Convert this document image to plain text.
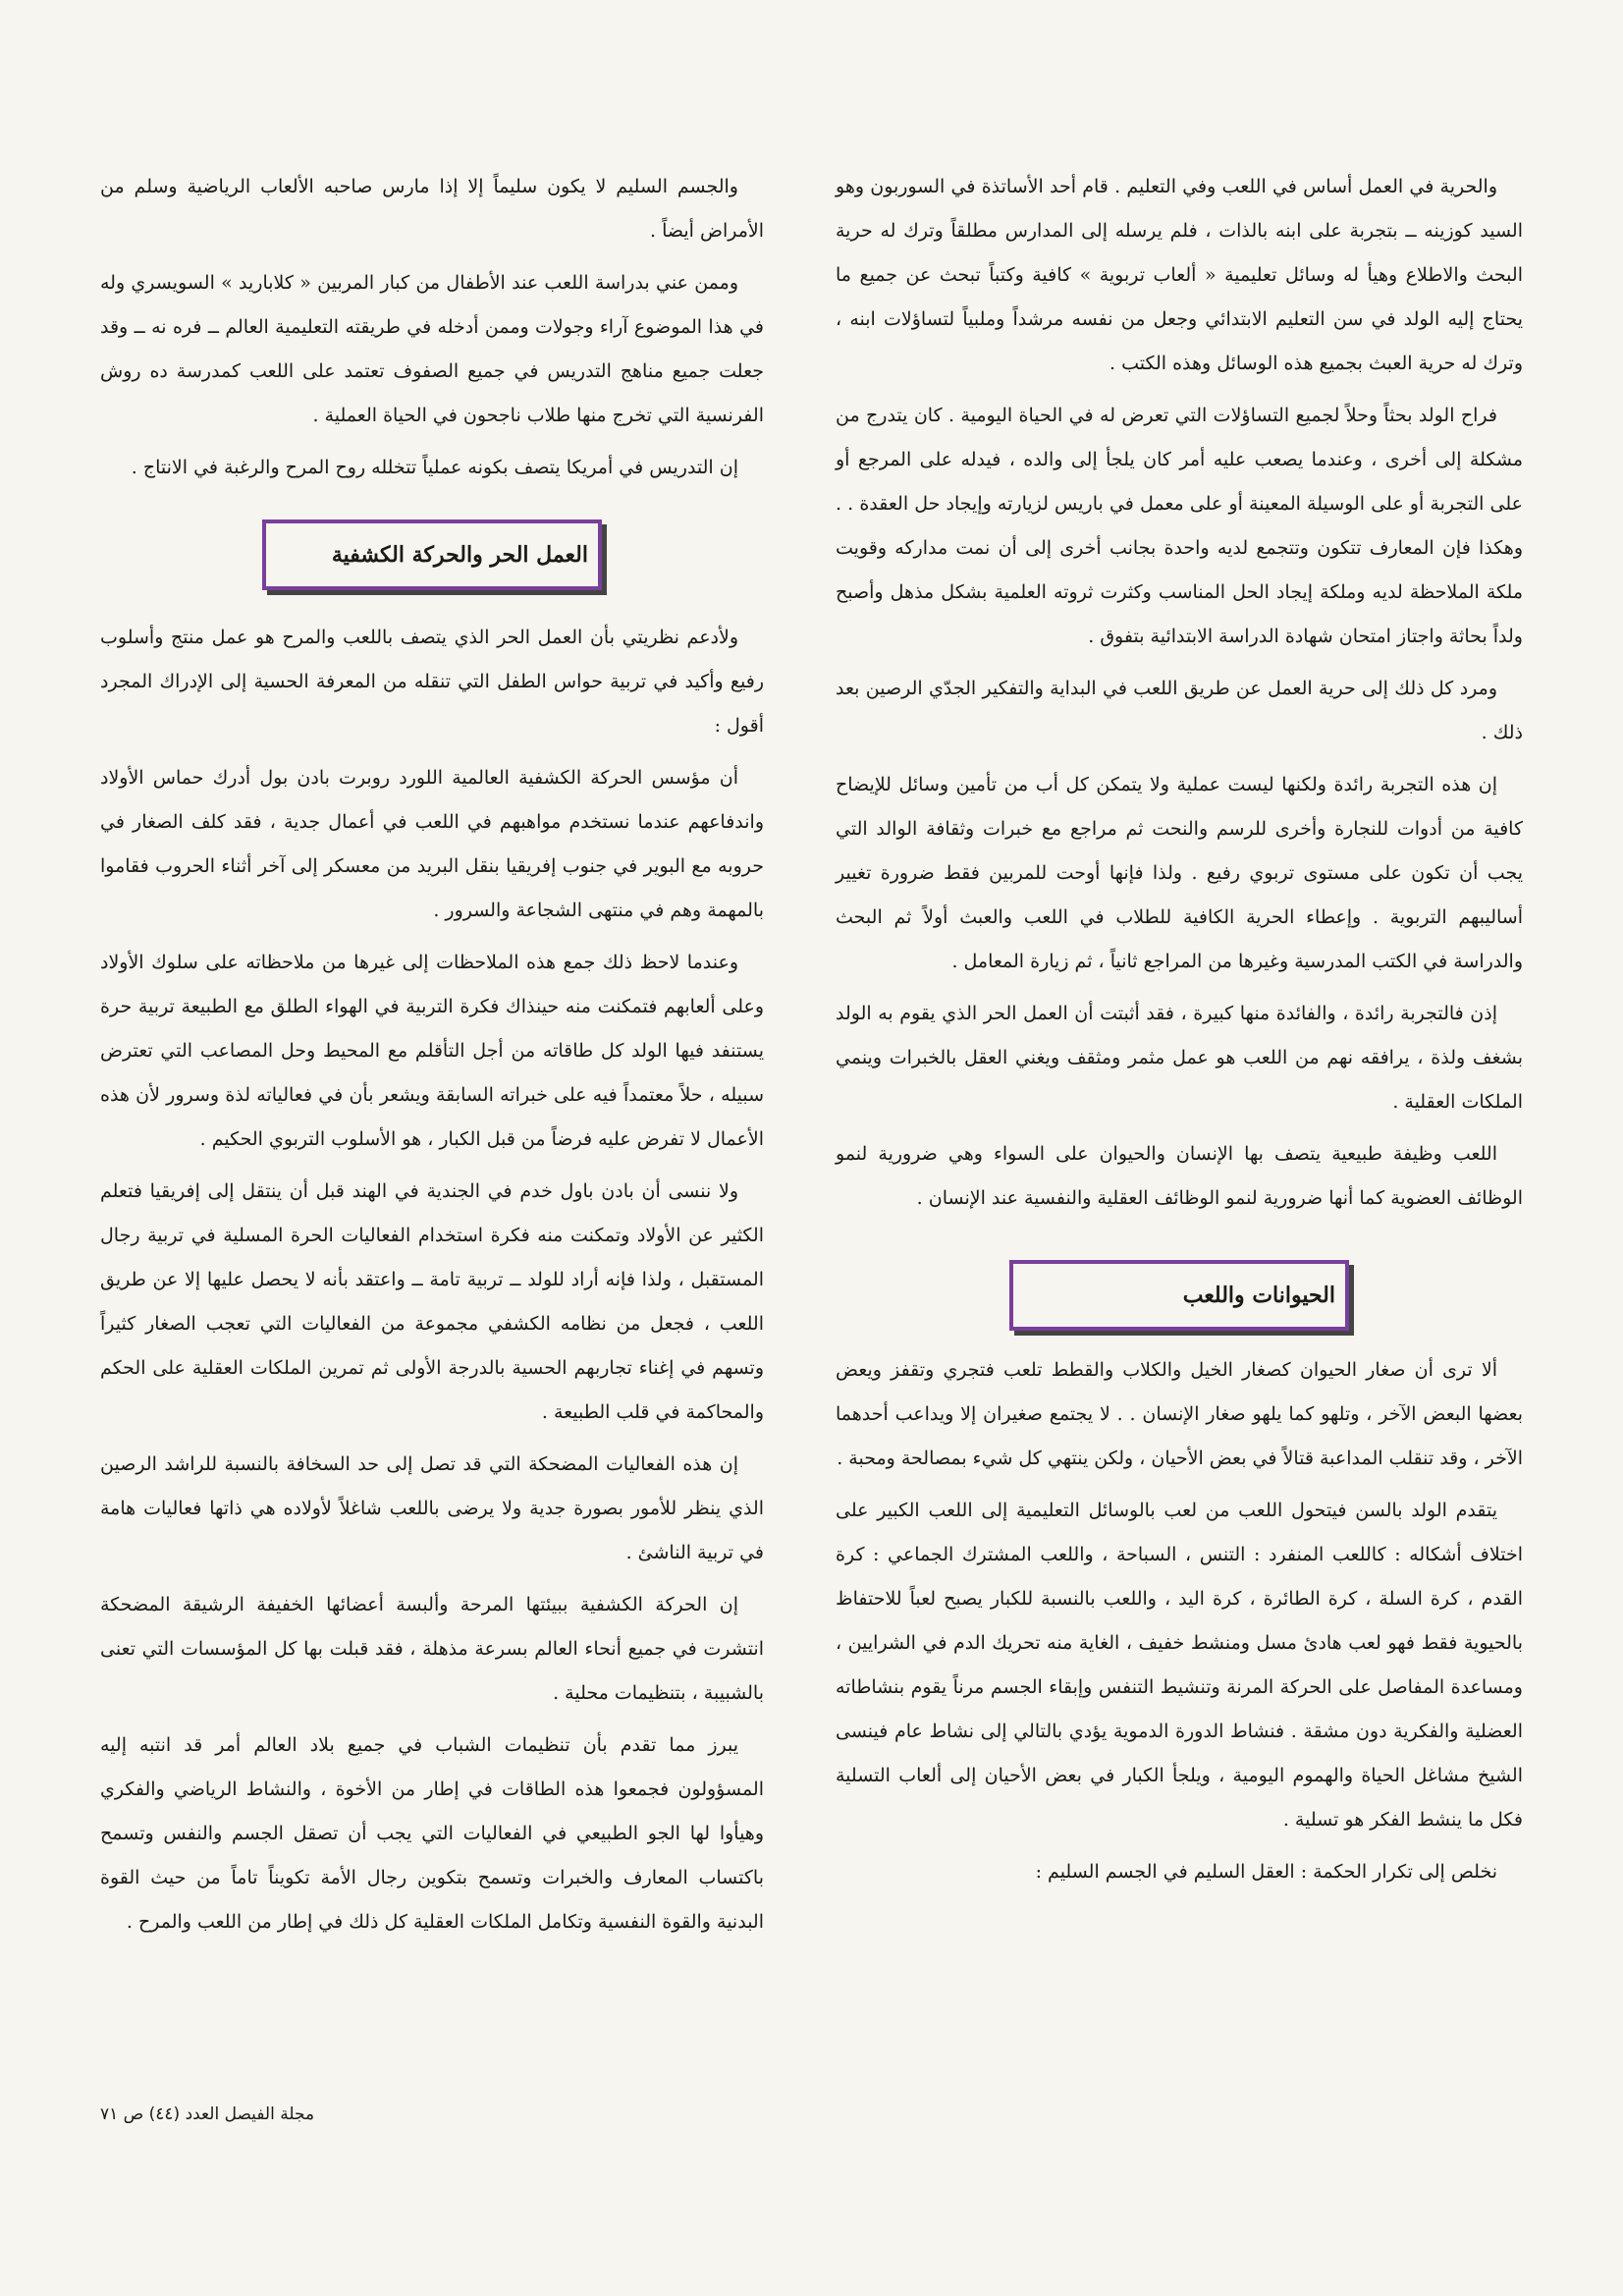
والحرية في العمل أساس في اللعب وفي التعليم . قام أحد الأساتذة في السوربون وهو السيد كوزينه ــ بتجربة على ابنه بالذات ، فلم يرسله إلى المدارس مطلقاً وترك له حرية البحث والاطلاع وهيأ له وسائل تعليمية « ألعاب تربوية » كافية وكتباً تبحث عن جميع ما يحتاج إليه الولد في سن التعليم الابتدائي وجعل من نفسه مرشداً وملبياً لتساؤلات ابنه ، وترك له حرية العبث بجميع هذه الوسائل وهذه الكتب .

فراح الولد بحثاً وحلاً لجميع التساؤلات التي تعرض له في الحياة اليومية . كان يتدرج من مشكلة إلى أخرى ، وعندما يصعب عليه أمر كان يلجأ إلى والده ، فيدله على المرجع أو على التجربة أو على الوسيلة المعينة أو على معمل في باريس لزيارته وإيجاد حل العقدة . . وهكذا فإن المعارف تتكون وتتجمع لديه واحدة بجانب أخرى إلى أن نمت مداركه وقويت ملكة الملاحظة لديه وملكة إيجاد الحل المناسب وكثرت ثروته العلمية بشكل مذهل وأصبح ولداً بحاثة واجتاز امتحان شهادة الدراسة الابتدائية بتفوق .

ومرد كل ذلك إلى حرية العمل عن طريق اللعب في البداية والتفكير الجدّي الرصين بعد ذلك .

إن هذه التجربة رائدة ولكنها ليست عملية ولا يتمكن كل أب من تأمين وسائل للإيضاح كافية من أدوات للنجارة وأخرى للرسم والنحت ثم مراجع مع خبرات وثقافة الوالد التي يجب أن تكون على مستوى تربوي رفيع . ولذا فإنها أوحت للمربين فقط ضرورة تغيير أساليبهم التربوية . وإعطاء الحرية الكافية للطلاب في اللعب والعبث أولاً ثم البحث والدراسة في الكتب المدرسية وغيرها من المراجع ثانياً ، ثم زيارة المعامل .

إذن فالتجربة رائدة ، والفائدة منها كبيرة ، فقد أثبتت أن العمل الحر الذي يقوم به الولد بشغف ولذة ، يرافقه نهم من اللعب هو عمل مثمر ومثقف ويغني العقل بالخبرات وينمي الملكات العقلية .

اللعب وظيفة طبيعية يتصف بها الإنسان والحيوان على السواء وهي ضرورية لنمو الوظائف العضوية كما أنها ضرورية لنمو الوظائف العقلية والنفسية عند الإنسان .

الحيوانات واللعب

ألا ترى أن صغار الحيوان كصغار الخيل والكلاب والقطط تلعب فتجري وتقفز ويعض بعضها البعض الآخر ، وتلهو كما يلهو صغار الإنسان . . لا يجتمع صغيران إلا ويداعب أحدهما الآخر ، وقد تنقلب المداعبة قتالاً في بعض الأحيان ، ولكن ينتهي كل شيء بمصالحة ومحبة .

يتقدم الولد بالسن فيتحول اللعب من لعب بالوسائل التعليمية إلى اللعب الكبير على اختلاف أشكاله : كاللعب المنفرد : التنس ، السباحة ، واللعب المشترك الجماعي : كرة القدم ، كرة السلة ، كرة الطائرة ، كرة اليد ، واللعب بالنسبة للكبار يصبح لعباً للاحتفاظ بالحيوية فقط فهو لعب هادئ مسل ومنشط خفيف ، الغاية منه تحريك الدم في الشرايين ، ومساعدة المفاصل على الحركة المرنة وتنشيط التنفس وإبقاء الجسم مرناً يقوم بنشاطاته العضلية والفكرية دون مشقة . فنشاط الدورة الدموية يؤدي بالتالي إلى نشاط عام فينسى الشيخ مشاغل الحياة والهموم اليومية ، ويلجأ الكبار في بعض الأحيان إلى ألعاب التسلية فكل ما ينشط الفكر هو تسلية .

نخلص إلى تكرار الحكمة : العقل السليم في الجسم السليم :

والجسم السليم لا يكون سليماً إلا إذا مارس صاحبه الألعاب الرياضية وسلم من الأمراض أيضاً .

وممن عني بدراسة اللعب عند الأطفال من كبار المربين « كلاباريد » السويسري وله في هذا الموضوع آراء وجولات وممن أدخله في طريقته التعليمية العالم ــ فره نه ــ وقد جعلت جميع مناهج التدريس في جميع الصفوف تعتمد على اللعب كمدرسة ده روش الفرنسية التي تخرج منها طلاب ناجحون في الحياة العملية .

إن التدريس في أمريكا يتصف بكونه عملياً تتخلله روح المرح والرغبة في الانتاج .

العمل الحر والحركة الكشفية

ولأدعم نظريتي بأن العمل الحر الذي يتصف باللعب والمرح هو عمل منتج وأسلوب رفيع وأكيد في تربية حواس الطفل التي تنقله من المعرفة الحسية إلى الإدراك المجرد أقول :

أن مؤسس الحركة الكشفية العالمية اللورد روبرت بادن بول أدرك حماس الأولاد واندفاعهم عندما نستخدم مواهبهم في اللعب في أعمال جدية ، فقد كلف الصغار في حروبه مع البوير في جنوب إفريقيا بنقل البريد من معسكر إلى آخر أثناء الحروب فقاموا بالمهمة وهم في منتهى الشجاعة والسرور .

وعندما لاحظ ذلك جمع هذه الملاحظات إلى غيرها من ملاحظاته على سلوك الأولاد وعلى ألعابهم فتمكنت منه حينذاك فكرة التربية في الهواء الطلق مع الطبيعة تربية حرة يستنفد فيها الولد كل طاقاته من أجل التأقلم مع المحيط وحل المصاعب التي تعترض سبيله ، حلاً معتمداً فيه على خبراته السابقة ويشعر بأن في فعالياته لذة وسرور لأن هذه الأعمال لا تفرض عليه فرضاً من قبل الكبار ، هو الأسلوب التربوي الحكيم .

ولا ننسى أن بادن باول خدم في الجندية في الهند قبل أن ينتقل إلى إفريقيا فتعلم الكثير عن الأولاد وتمكنت منه فكرة استخدام الفعاليات الحرة المسلية في تربية رجال المستقبل ، ولذا فإنه أراد للولد ــ تربية تامة ــ واعتقد بأنه لا يحصل عليها إلا عن طريق اللعب ، فجعل من نظامه الكشفي مجموعة من الفعاليات التي تعجب الصغار كثيراً وتسهم في إغناء تجاربهم الحسية بالدرجة الأولى ثم تمرين الملكات العقلية على الحكم والمحاكمة في قلب الطبيعة .

إن هذه الفعاليات المضحكة التي قد تصل إلى حد السخافة بالنسبة للراشد الرصين الذي ينظر للأمور بصورة جدية ولا يرضى باللعب شاغلاً لأولاده هي ذاتها فعاليات هامة في تربية الناشئ .

إن الحركة الكشفية ببيئتها المرحة وألبسة أعضائها الخفيفة الرشيقة المضحكة انتشرت في جميع أنحاء العالم بسرعة مذهلة ، فقد قبلت بها كل المؤسسات التي تعنى بالشبيبة ، بتنظيمات محلية .

يبرز مما تقدم بأن تنظيمات الشباب في جميع بلاد العالم أمر قد انتبه إليه المسؤولون فجمعوا هذه الطاقات في إطار من الأخوة ، والنشاط الرياضي والفكري وهيأوا لها الجو الطبيعي في الفعاليات التي يجب أن تصقل الجسم والنفس وتسمح باكتساب المعارف والخبرات وتسمح بتكوين رجال الأمة تكويناً تاماً من حيث القوة البدنية والقوة النفسية وتكامل الملكات العقلية كل ذلك في إطار من اللعب والمرح .

مجلة الفيصل العدد (٤٤) ص ٧١
